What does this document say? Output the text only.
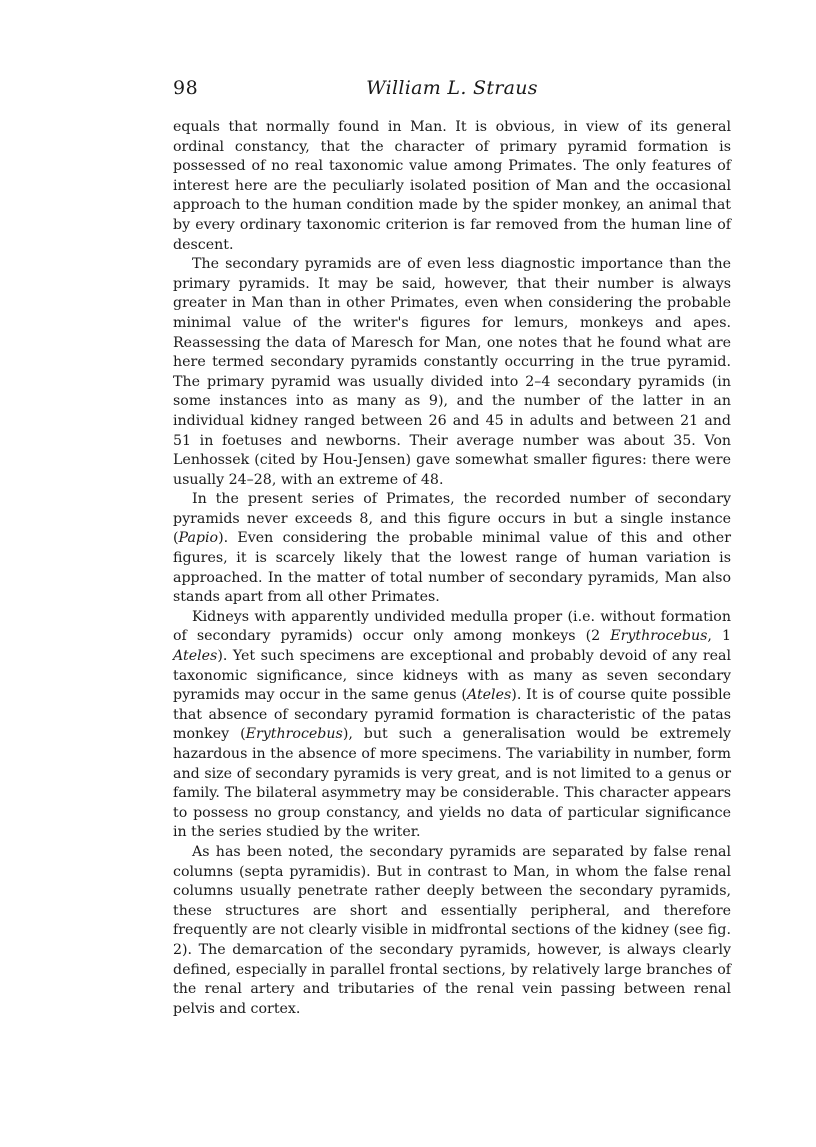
98	William L. Straus

equals that normally found in Man. It is obvious, in view of its general ordinal constancy, that the character of primary pyramid formation is possessed of no real taxonomic value among Primates. The only features of interest here are the peculiarly isolated position of Man and the occasional approach to the human condition made by the spider monkey, an animal that by every ordinary taxonomic criterion is far removed from the human line of descent.

The secondary pyramids are of even less diagnostic importance than the primary pyramids. It may be said, however, that their number is always greater in Man than in other Primates, even when considering the probable minimal value of the writer's figures for lemurs, monkeys and apes. Reassessing the data of Maresch for Man, one notes that he found what are here termed secondary pyramids constantly occurring in the true pyramid. The primary pyramid was usually divided into 2–4 secondary pyramids (in some instances into as many as 9), and the number of the latter in an individual kidney ranged between 26 and 45 in adults and between 21 and 51 in foetuses and newborns. Their average number was about 35. Von Lenhossek (cited by Hou-Jensen) gave somewhat smaller figures: there were usually 24–28, with an extreme of 48.

In the present series of Primates, the recorded number of secondary pyramids never exceeds 8, and this figure occurs in but a single instance (Papio). Even considering the probable minimal value of this and other figures, it is scarcely likely that the lowest range of human variation is approached. In the matter of total number of secondary pyramids, Man also stands apart from all other Primates.

Kidneys with apparently undivided medulla proper (i.e. without formation of secondary pyramids) occur only among monkeys (2 Erythrocebus, 1 Ateles). Yet such specimens are exceptional and probably devoid of any real taxonomic significance, since kidneys with as many as seven secondary pyramids may occur in the same genus (Ateles). It is of course quite possible that absence of secondary pyramid formation is characteristic of the patas monkey (Erythrocebus), but such a generalisation would be extremely hazardous in the absence of more specimens. The variability in number, form and size of secondary pyramids is very great, and is not limited to a genus or family. The bilateral asymmetry may be considerable. This character appears to possess no group constancy, and yields no data of particular significance in the series studied by the writer.

As has been noted, the secondary pyramids are separated by false renal columns (septa pyramidis). But in contrast to Man, in whom the false renal columns usually penetrate rather deeply between the secondary pyramids, these structures are short and essentially peripheral, and therefore frequently are not clearly visible in midfrontal sections of the kidney (see fig. 2). The demarcation of the secondary pyramids, however, is always clearly defined, especially in parallel frontal sections, by relatively large branches of the renal artery and tributaries of the renal vein passing between renal pelvis and cortex.
